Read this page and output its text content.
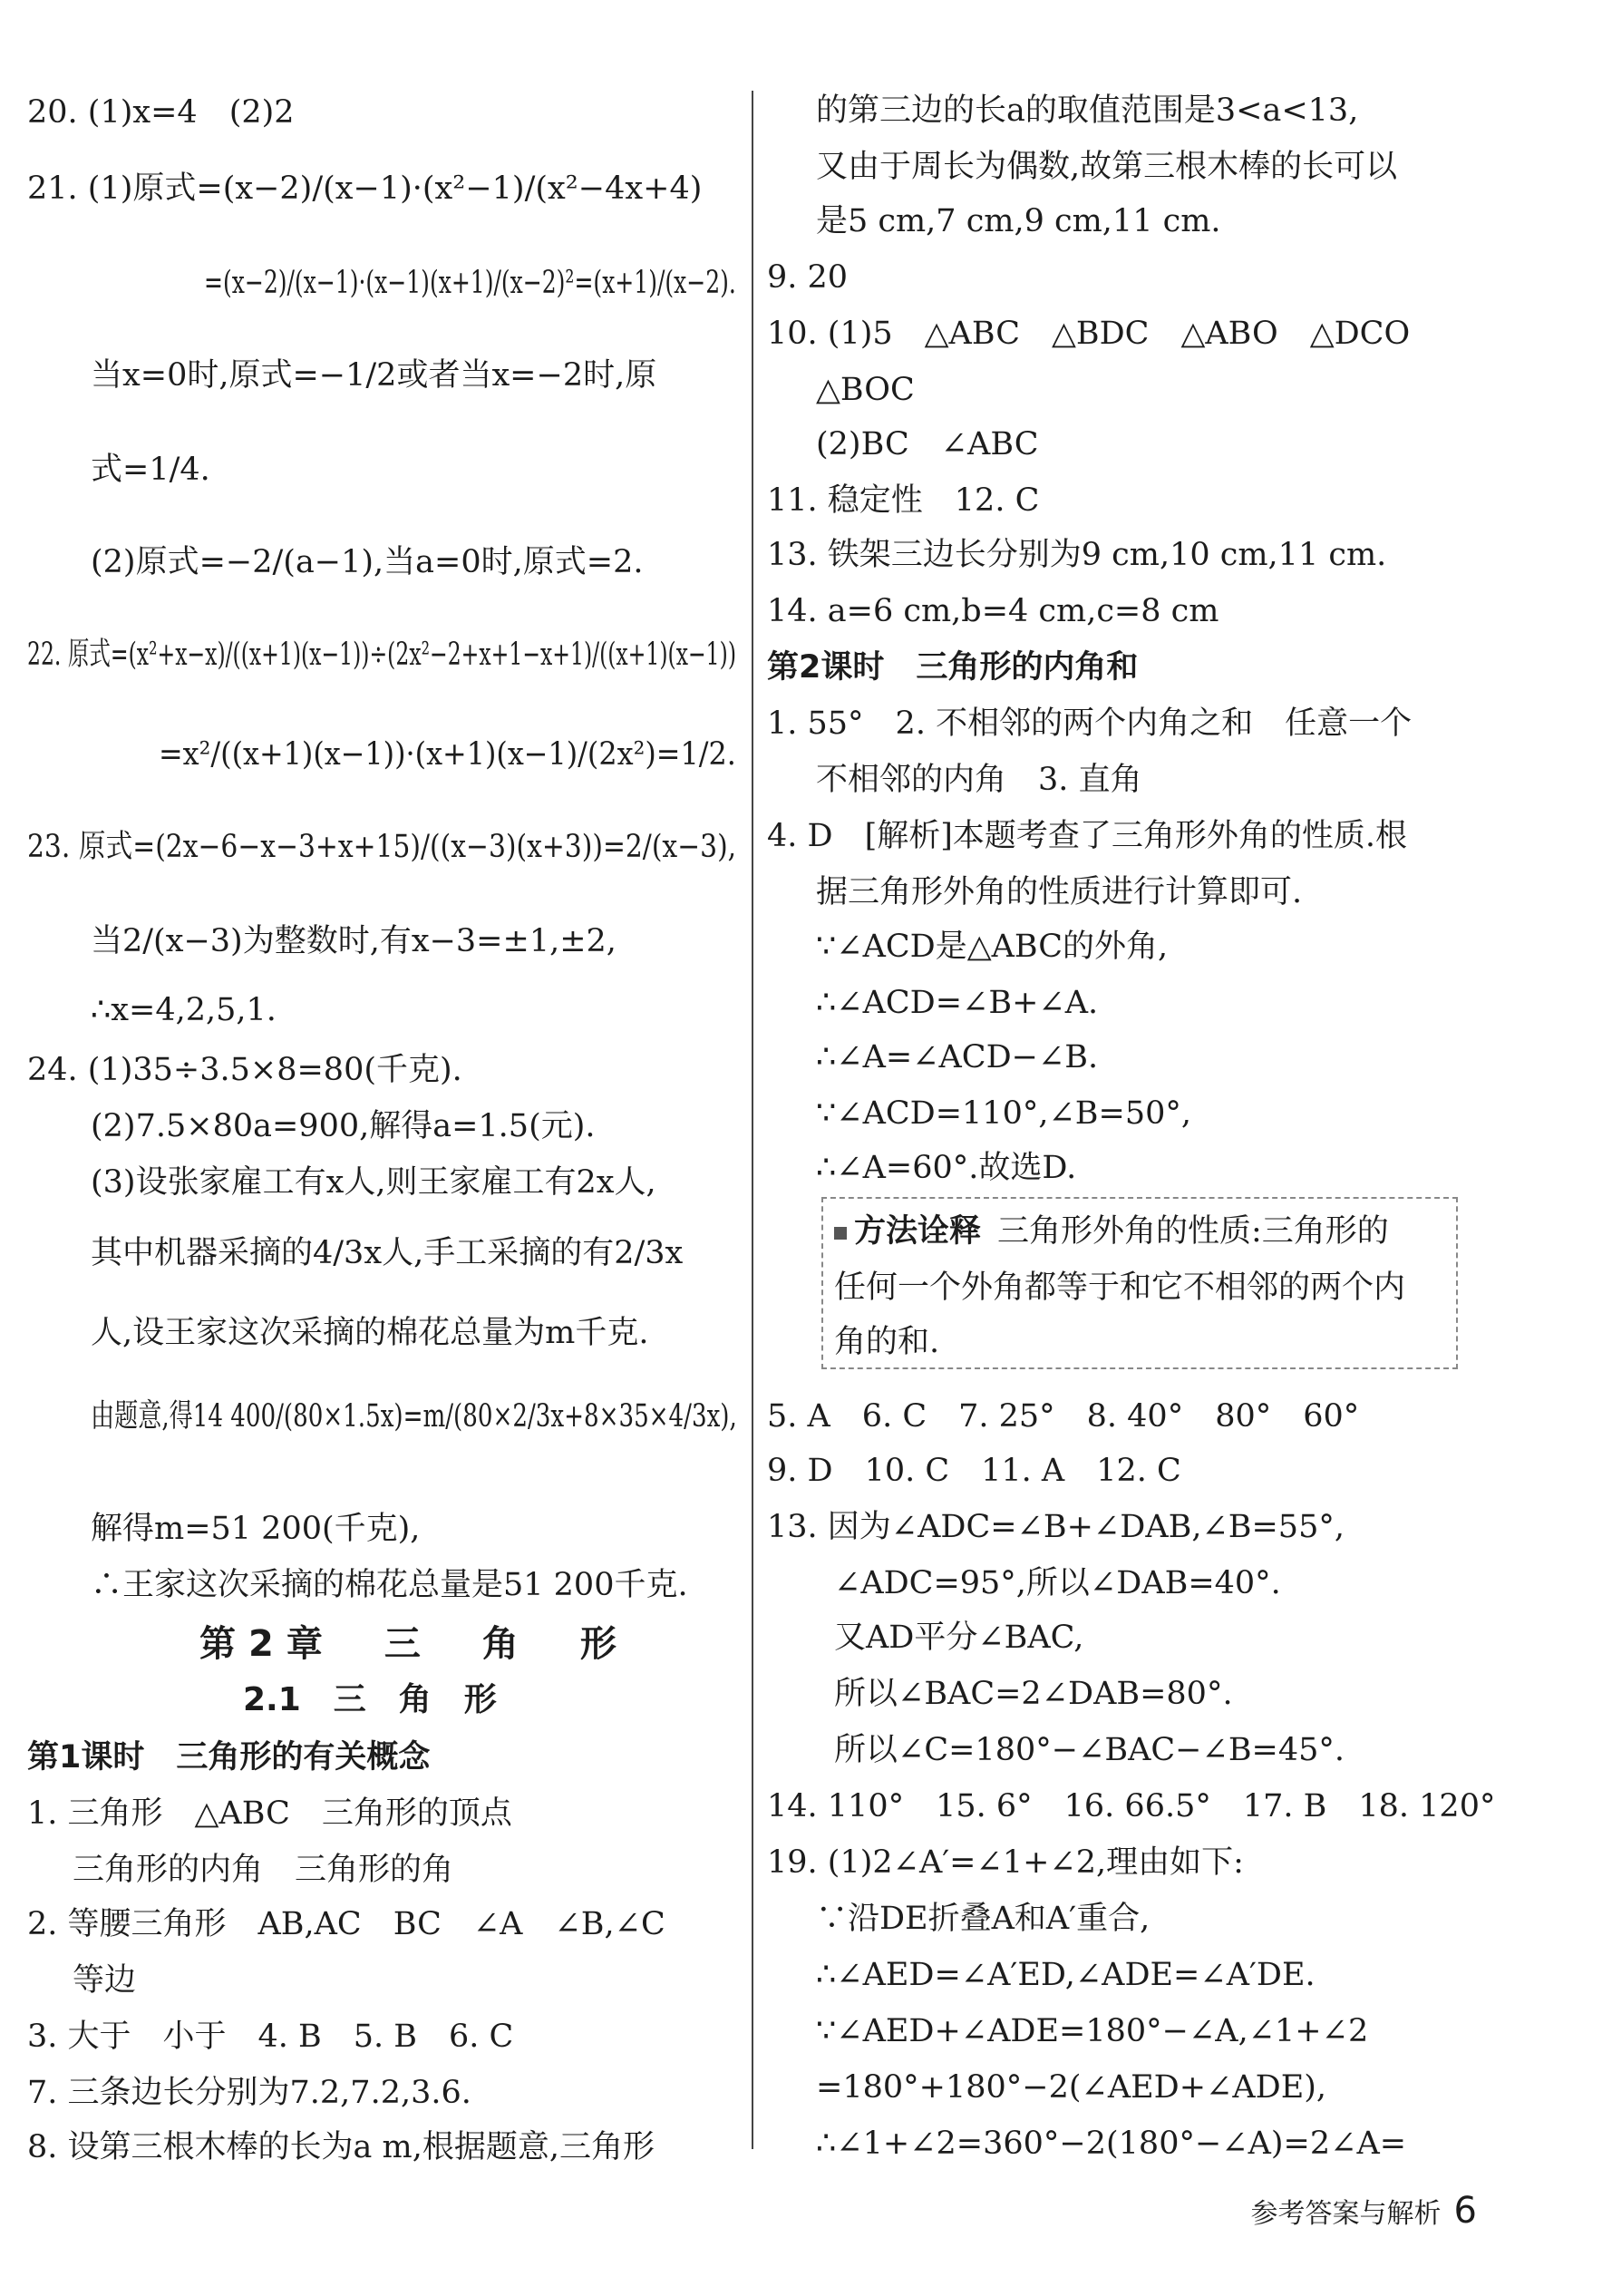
20. (1)x=4　(2)2
21. (1)原式=(x−2)/(x−1)·(x²−1)/(x²−4x+4)
=(x−2)/(x−1)·(x−1)(x+1)/(x−2)²=(x+1)/(x−2).
当x=0时,原式=−1/2或者当x=−2时,原
式=1/4.
(2)原式=−2/(a−1),当a=0时,原式=2.
22. 原式=(x²+x−x)/((x+1)(x−1))÷(2x²−2+x+1−x+1)/((x+1)(x−1))
=x²/((x+1)(x−1))·(x+1)(x−1)/(2x²)=1/2.
23. 原式=(2x−6−x−3+x+15)/((x−3)(x+3))=2/(x−3),
当2/(x−3)为整数时,有x−3=±1,±2,
∴x=4,2,5,1.
24. (1)35÷3.5×8=80(千克).
(2)7.5×80a=900,解得a=1.5(元).
(3)设张家雇工有x人,则王家雇工有2x人,
其中机器采摘的4/3x人,手工采摘的有2/3x
人,设王家这次采摘的棉花总量为m千克.
由题意,得14 400/(80×1.5x)=m/(80×2/3x+8×35×4/3x),
解得m=51 200(千克),
∴王家这次采摘的棉花总量是51 200千克.
第2章　三　角　形
2.1　三　角　形
第1课时　三角形的有关概念
1. 三角形　△ABC　三角形的顶点
三角形的内角　三角形的角
2. 等腰三角形　AB,AC　BC　∠A　∠B,∠C
等边
3. 大于　小于　4. B　5. B　6. C
7. 三条边长分别为7.2,7.2,3.6.
8. 设第三根木棒的长为a m,根据题意,三角形
的第三边的长a的取值范围是3<a<13,
又由于周长为偶数,故第三根木棒的长可以
是5 cm,7 cm,9 cm,11 cm.
9. 20
10. (1)5　△ABC　△BDC　△ABO　△DCO
△BOC
(2)BC　∠ABC
11. 稳定性　12. C
13. 铁架三边长分别为9 cm,10 cm,11 cm.
14. a=6 cm,b=4 cm,c=8 cm
第2课时　三角形的内角和
1. 55°　2. 不相邻的两个内角之和　任意一个
不相邻的内角　3. 直角
4. D　[解析]本题考查了三角形外角的性质.根
据三角形外角的性质进行计算即可.
∵∠ACD是△ABC的外角,
∴∠ACD=∠B+∠A.
∴∠A=∠ACD−∠B.
∵∠ACD=110°,∠B=50°,
∴∠A=60°.故选D.
5. A　6. C　7. 25°　8. 40°　80°　60°
9. D　10. C　11. A　12. C
13. 因为∠ADC=∠B+∠DAB,∠B=55°,
∠ADC=95°,所以∠DAB=40°.
又AD平分∠BAC,
所以∠BAC=2∠DAB=80°.
所以∠C=180°−∠BAC−∠B=45°.
14. 110°　15. 6°　16. 66.5°　17. B　18. 120°
19. (1)2∠A′=∠1+∠2,理由如下:
∵沿DE折叠A和A′重合,
∴∠AED=∠A′ED,∠ADE=∠A′DE.
∵∠AED+∠ADE=180°−∠A,∠1+∠2
=180°+180°−2(∠AED+∠ADE),
∴∠1+∠2=360°−2(180°−∠A)=2∠A=
方法诠释 三角形外角的性质:三角形的
任何一个外角都等于和它不相邻的两个内
角的和.
参考答案与解析 6
